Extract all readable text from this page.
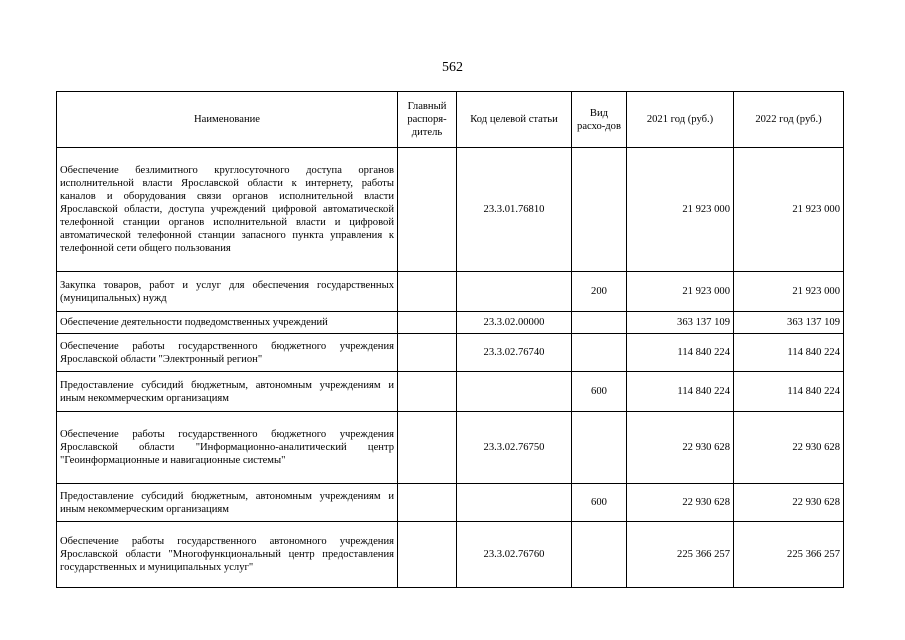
562
Наименование	Главный распоря-дитель	Код целевой статьи	Вид расхо-дов	2021 год (руб.)	2022 год (руб.)
Обеспечение безлимитного круглосуточного доступа органов исполнительной власти Ярославской области к интернету, работы каналов и оборудования связи органов исполнительной власти Ярославской области, доступа учреждений цифровой автоматической телефонной станции органов исполнительной власти и цифровой автоматической телефонной станции запасного пункта управления к телефонной сети общего пользования		23.3.01.76810		21 923 000	21 923 000
Закупка товаров, работ и услуг для обеспечения государственных (муниципальных) нужд			200	21 923 000	21 923 000
Обеспечение деятельности подведомственных учреждений		23.3.02.00000		363 137 109	363 137 109
Обеспечение работы государственного бюджетного учреждения Ярославской области "Электронный регион"		23.3.02.76740		114 840 224	114 840 224
Предоставление субсидий бюджетным, автономным учреждениям и иным некоммерческим организациям			600	114 840 224	114 840 224
Обеспечение работы государственного бюджетного учреждения Ярославской области "Информационно-аналитический центр "Геоинформационные и навигационные системы"		23.3.02.76750		22 930 628	22 930 628
Предоставление субсидий бюджетным, автономным учреждениям и иным некоммерческим организациям			600	22 930 628	22 930 628
Обеспечение работы государственного автономного учреждения Ярославской области "Многофункциональный центр предоставления государственных и муниципальных услуг"		23.3.02.76760		225 366 257	225 366 257
